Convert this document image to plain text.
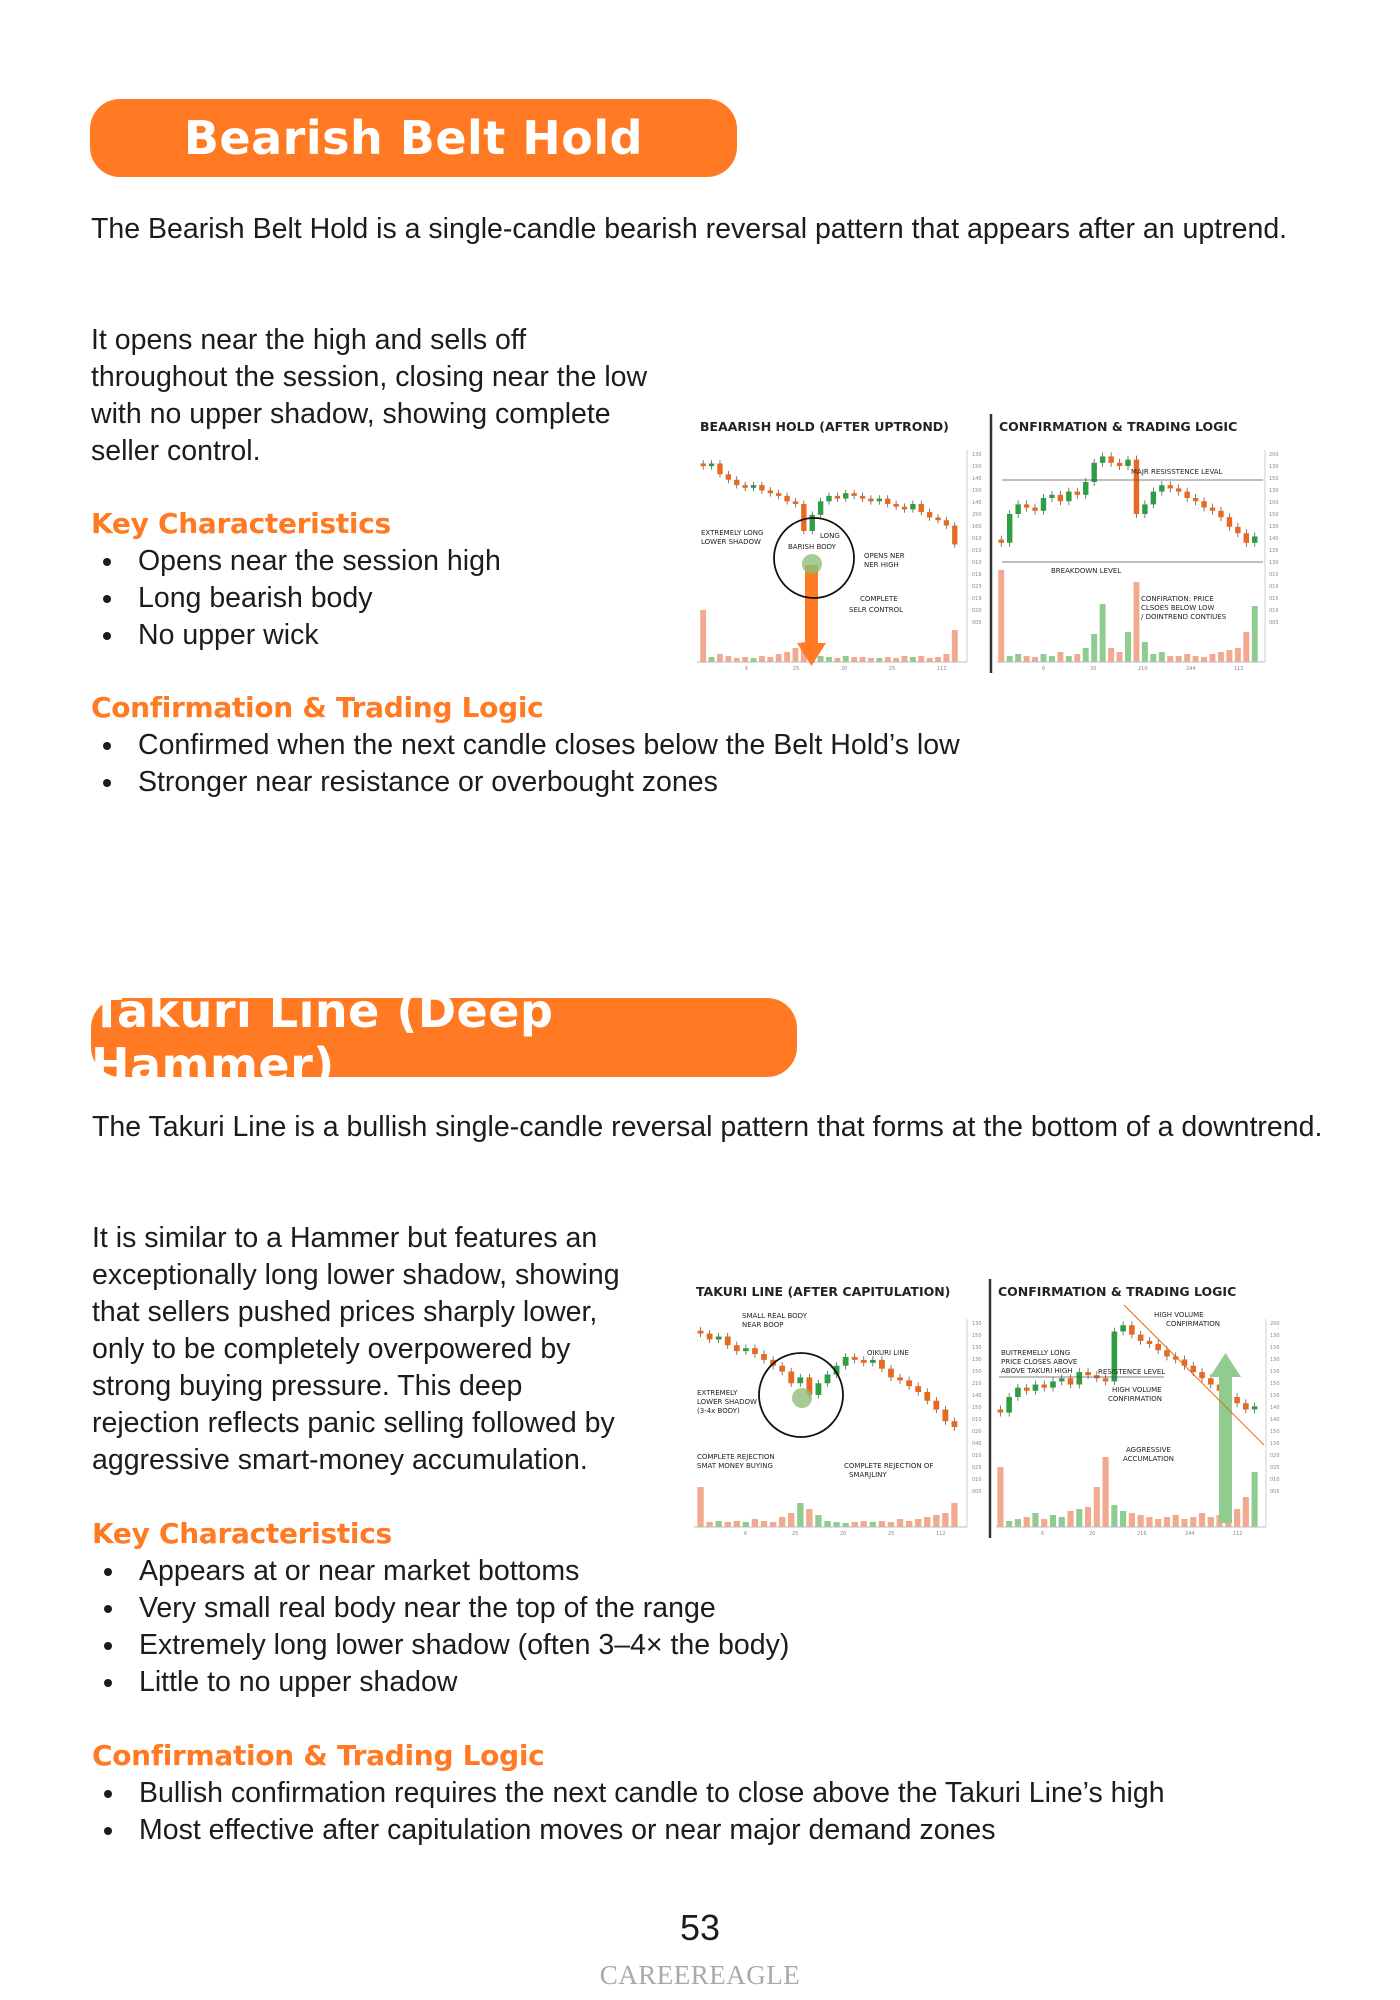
Bearish Belt Hold

The Bearish Belt Hold is a single-candle bearish reversal pattern that appears after an uptrend.

It opens near the high and sells off
throughout the session, closing near the low
with no upper shadow, showing complete
seller control.
Key Characteristics
Opens near the session high
Long bearish body
No upper wick
Confirmation & Trading Logic
Confirmed when the next candle closes below the Belt Hold’s low
Stronger near resistance or overbought zones
BEAARISH HOLD (AFTER UPTROND)	CONFIRMATION & TRADING LOGIC
130
150
140
150
140
250
160
010
010
010
016
023
019
020
005
200
130
150
130
100
150
130
140
135
130
010
010
015
010
005
6	25	20	25	112	6	20	210	244	112
EXTREMELY LONG
LOWER SHADOW
LONG
BARISH BODY
OPENS NER
NER HIGH
COMPLETE
SELR CONTROL
MAJR RESISSTENCE LEVAL
BREAKDOWN LEVEL
CONFIRATION: PRICE
CLSOES BELOW LOW
/ DOINTREND CONTIUES
Takuri Line (Deep Hammer)

The Takuri Line is a bullish single-candle reversal pattern that forms at the bottom of a downtrend.

It is similar to a Hammer but features an
exceptionally long lower shadow, showing
that sellers pushed prices sharply lower,
only to be completely overpowered by
strong buying pressure. This deep
rejection reflects panic selling followed by
aggressive smart-money accumulation.
Key Characteristics
Appears at or near market bottoms
Very small real body near the top of the range
Extremely long lower shadow (often 3–4× the body)
Little to no upper shadow
Confirmation & Trading Logic
Bullish confirmation requires the next candle to close above the Takuri Line’s high
Most effective after capitulation moves or near major demand zones
TAKURI LINE (AFTER CAPITULATION)	CONFIRMATION & TRADING LOGIC
130
150
130
130
150
210
140
150
010
020
040
010
025
010
005
200
130
150
130
150
150
150
140
140
150
150
020
025
010
005
6	25	20	25	112	6	20	216	244	112
SMALL REAL BODY
NEAR BOOP
OIKURI LINE
EXTREMELY
LOWER SHADOW
(3-4x BODY)
COMPLETE REJECTION
SMAT MONEY BUYING	COMPLETE REJECTION OF
SMARJLINY
BUITREMELLY LONG
PRICE CLOSES ABOVE
ABOVE TAKURI HIGH	RESISTENCE LEVEL
HIGH VOLUME
CONFIRMATION
HIGH VOLUME
CONFIRMATION
AGGRESSIVE
ACCUMLATION
53
CAREEREAGLE
